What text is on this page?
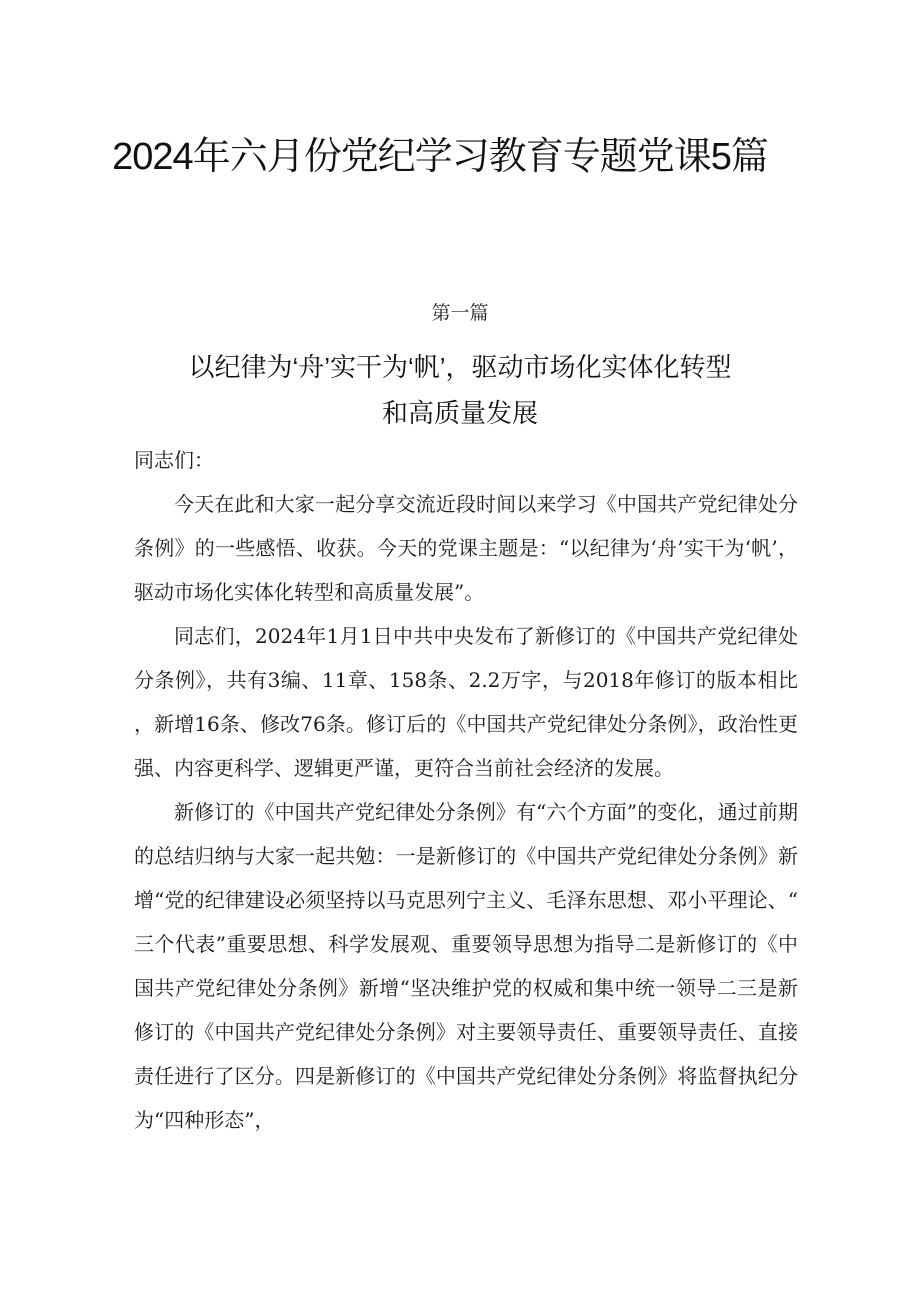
2024年六月份党纪学习教育专题党课5篇
第一篇
以纪律为‘舟’实干为‘帆’，驱动市场化实体化转型
和高质量发展

同志们：

今天在此和大家一起分享交流近段时间以来学习《中国共产党纪律处分条例》的一些感悟、收获。今天的党课主题是：“以纪律为‘舟’实干为‘帆’，驱动市场化实体化转型和高质量发展”。

同志们，2024年1月1日中共中央发布了新修订的《中国共产党纪律处分条例》，共有3编、11章、158条、2.2万字，与2018年修订的版本相比，新增16条、修改76条。修订后的《中国共产党纪律处分条例》，政治性更强、内容更科学、逻辑更严谨，更符合当前社会经济的发展。

新修订的《中国共产党纪律处分条例》有“六个方面”的变化，通过前期的总结归纳与大家一起共勉：一是新修订的《中国共产党纪律处分条例》新增“党的纪律建设必须坚持以马克思列宁主义、毛泽东思想、邓小平理论、“三个代表”重要思想、科学发展观、重要领导思想为指导二是新修订的《中国共产党纪律处分条例》新增“坚决维护党的权威和集中统一领导二三是新修订的《中国共产党纪律处分条例》对主要领导责任、重要领导责任、直接责任进行了区分。四是新修订的《中国共产党纪律处分条例》将监督执纪分为“四种形态”，
